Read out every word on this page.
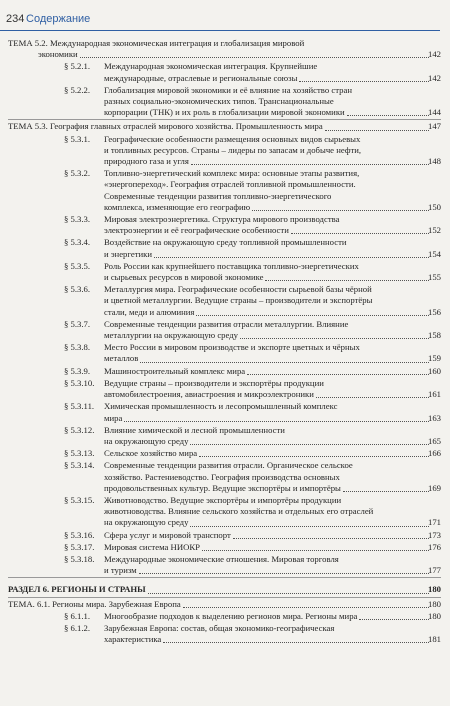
234 Содержание
ТЕМА 5.2. Международная экономическая интеграция и глобализация мировой
экономики	142
§ 5.2.1.	Международная экономическая интеграция. Крупнейшие
международные, отраслевые и региональные союзы	142
§ 5.2.2.	Глобализация мировой экономики и её влияние на хозяйство стран
разных социально-экономических типов. Транснациональные
корпорации (ТНК) и их роль в глобализации мировой экономики	144
ТЕМА 5.3. География главных отраслей мирового хозяйства. Промышленность мира	147
§ 5.3.1.	Географические особенности размещения основных видов сырьевых
и топливных ресурсов. Страны – лидеры по запасам и добыче нефти,
природного газа и угля	148
§ 5.3.2.	Топливно-энергетический комплекс мира: основные этапы развития,
«энергопереход». География отраслей топливной промышленности.
Современные тенденции развития топливно-энергетического
комплекса, изменяющие его географию	150
§ 5.3.3.	Мировая электроэнергетика. Структура мирового производства
электроэнергии и её географические особенности	152
§ 5.3.4.	Воздействие на окружающую среду топливной промышленности
и энергетики	154
§ 5.3.5.	Роль России как крупнейшего поставщика топливно-энергетических
и сырьевых ресурсов в мировой экономике	155
§ 5.3.6.	Металлургия мира. Географические особенности сырьевой базы чёрной
и цветной металлургии. Ведущие страны – производители и экспортёры
стали, меди и алюминия	156
§ 5.3.7.	Современные тенденции развития отрасли металлургии. Влияние
металлургии на окружающую среду	158
§ 5.3.8.	Место России в мировом производстве и экспорте цветных и чёрных
металлов	159
§ 5.3.9. Машиностроительный комплекс мира	160
§ 5.3.10.	Ведущие страны – производители и экспортёры продукции
автомобилестроения, авиастроения и микроэлектроники	161
§ 5.3.11.	Химическая промышленность и лесопромышленный комплекс
мира	163
§ 5.3.12.	Влияние химической и лесной промышленности
на окружающую среду	165
§ 5.3.13. Сельское хозяйство мира	166
§ 5.3.14.	Современные тенденции развития отрасли. Органическое сельское
хозяйство. Растениеводство. География производства основных
продовольственных культур. Ведущие экспортёры и импортёры	169
§ 5.3.15.	Животноводство. Ведущие экспортёры и импортёры продукции
животноводства. Влияние сельского хозяйства и отдельных его отраслей
на окружающую среду	171
§ 5.3.16. Сфера услуг и мировой транспорт	173
§ 5.3.17. Мировая система НИОКР	176
§ 5.3.18.	Международные экономические отношения. Мировая торговля
и туризм	177
РАЗДЕЛ 6. РЕГИОНЫ И СТРАНЫ	180
ТЕМА. 6.1. Регионы мира. Зарубежная Европа	180
§ 6.1.1. Многообразие подходов к выделению регионов мира. Регионы мира	180
§ 6.1.2.	Зарубежная Европа: состав, общая экономико-географическая
характеристика	181
